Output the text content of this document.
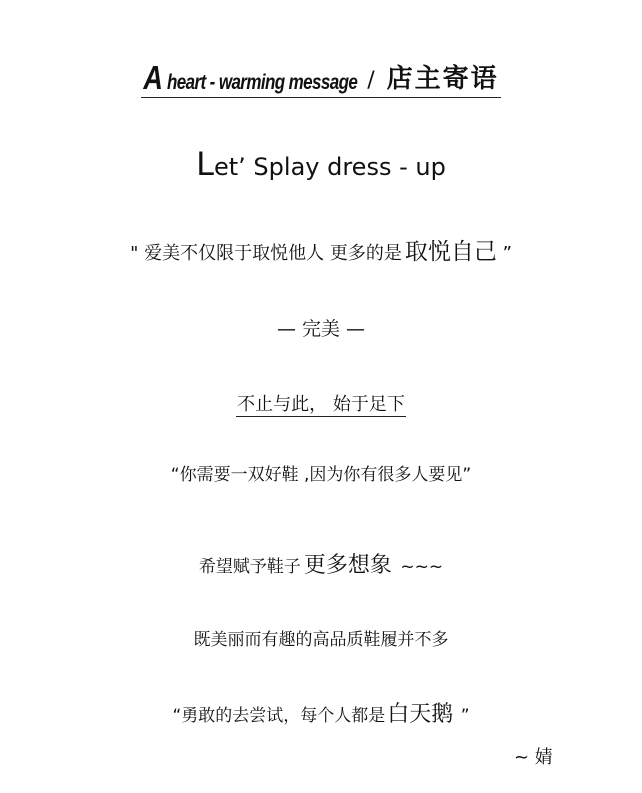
A heart - warming message / 店主寄语
Let’ Splay dress - up
" 爱美不仅限于取悦他人 更多的是 取悦自己 ”
— 完美 —
不止与此， 始于足下
“你需要一双好鞋 ,因为你有很多人要见”
希望赋予鞋子 更多想象 ~~~
既美丽而有趣的高品质鞋履并不多
“勇敢的去尝试，每个人都是白天鹅 ”
~ 婧
